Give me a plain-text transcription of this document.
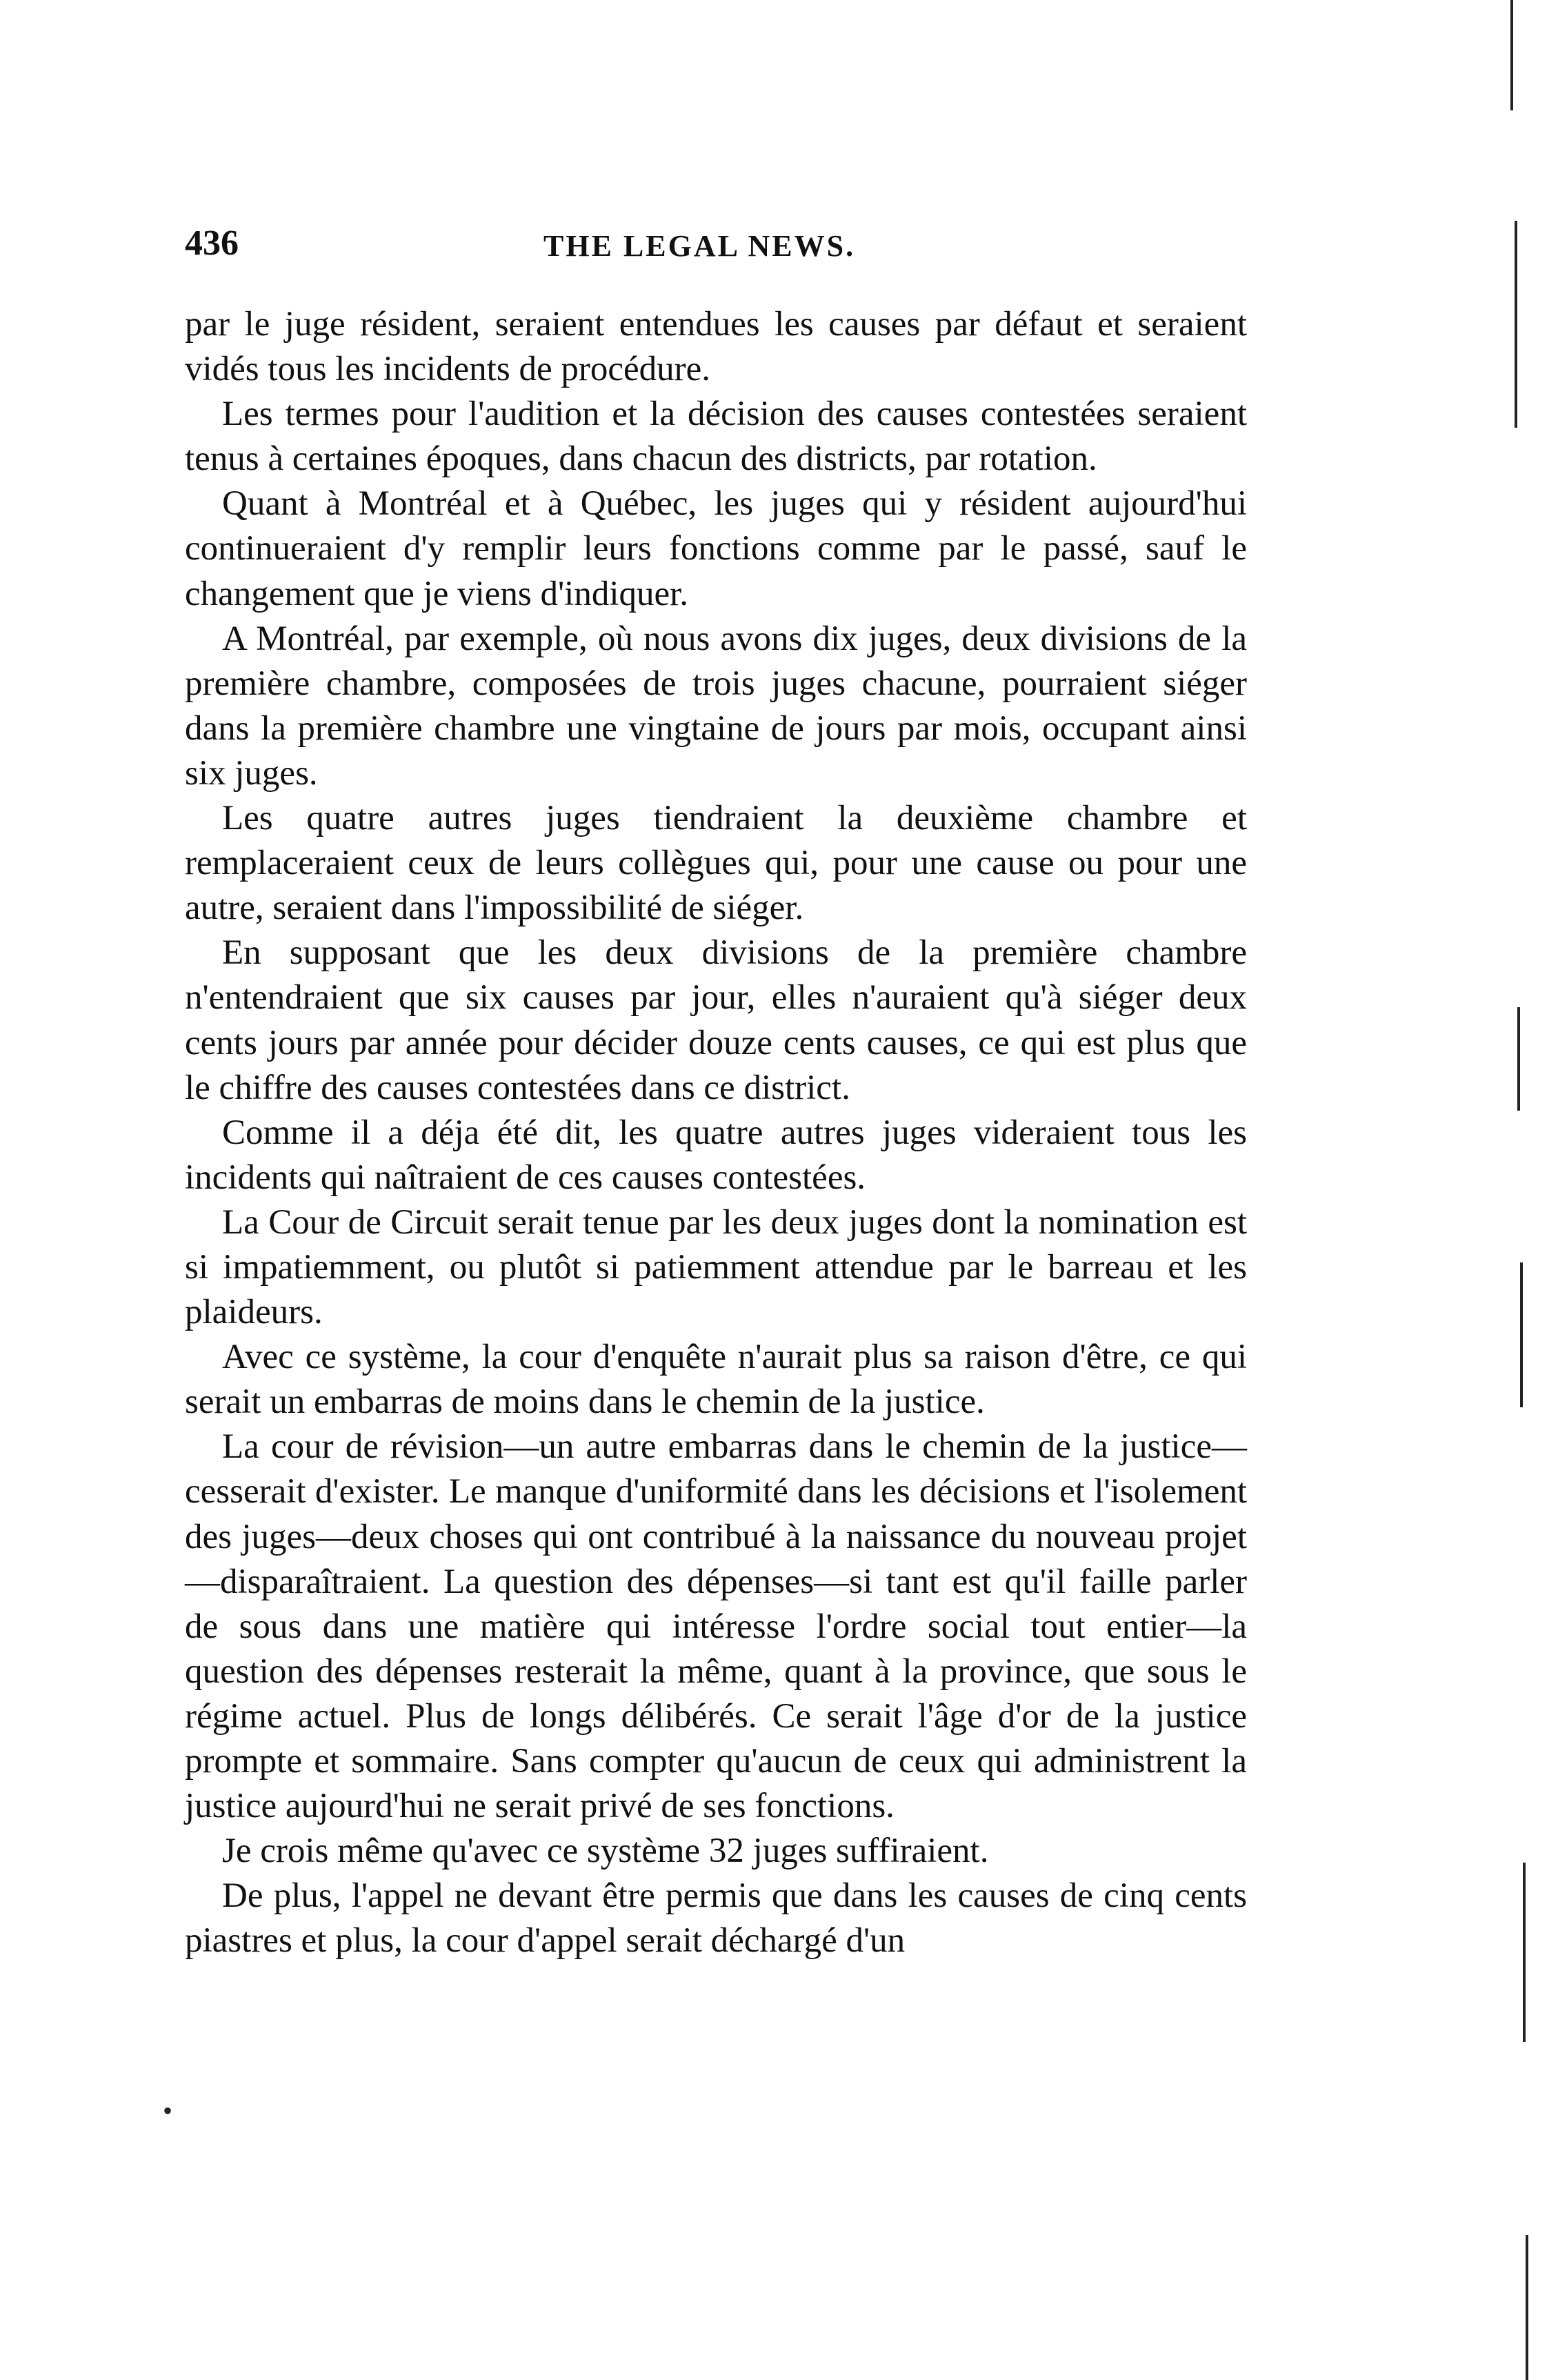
436	THE LEGAL NEWS.

par le juge résident, seraient entendues les causes par défaut et seraient vidés tous les incidents de procédure.

Les termes pour l'audition et la décision des causes contestées seraient tenus à certaines époques, dans chacun des districts, par rotation.

Quant à Montréal et à Québec, les juges qui y résident aujourd'hui continueraient d'y remplir leurs fonctions comme par le passé, sauf le changement que je viens d'indiquer.

A Montréal, par exemple, où nous avons dix juges, deux divisions de la première chambre, composées de trois juges chacune, pourraient siéger dans la première chambre une vingtaine de jours par mois, occupant ainsi six juges.

Les quatre autres juges tiendraient la deuxième chambre et remplaceraient ceux de leurs collègues qui, pour une cause ou pour une autre, seraient dans l'impossibilité de siéger.

En supposant que les deux divisions de la première chambre n'entendraient que six causes par jour, elles n'auraient qu'à siéger deux cents jours par année pour décider douze cents causes, ce qui est plus que le chiffre des causes contestées dans ce district.

Comme il a déja été dit, les quatre autres juges videraient tous les incidents qui naîtraient de ces causes contestées.

La Cour de Circuit serait tenue par les deux juges dont la nomination est si impatiemment, ou plutôt si patiemment attendue par le barreau et les plaideurs.

Avec ce système, la cour d'enquête n'aurait plus sa raison d'être, ce qui serait un embarras de moins dans le chemin de la justice.

La cour de révision—un autre embarras dans le chemin de la justice—cesserait d'exister. Le manque d'uniformité dans les décisions et l'isolement des juges—deux choses qui ont contribué à la naissance du nouveau projet—disparaîtraient. La question des dépenses—si tant est qu'il faille parler de sous dans une matière qui intéresse l'ordre social tout entier—la question des dépenses resterait la même, quant à la province, que sous le régime actuel. Plus de longs délibérés. Ce serait l'âge d'or de la justice prompte et sommaire. Sans compter qu'aucun de ceux qui administrent la justice aujourd'hui ne serait privé de ses fonctions.

Je crois même qu'avec ce système 32 juges suffiraient.

De plus, l'appel ne devant être permis que dans les causes de cinq cents piastres et plus, la cour d'appel serait déchargé d'un

•
